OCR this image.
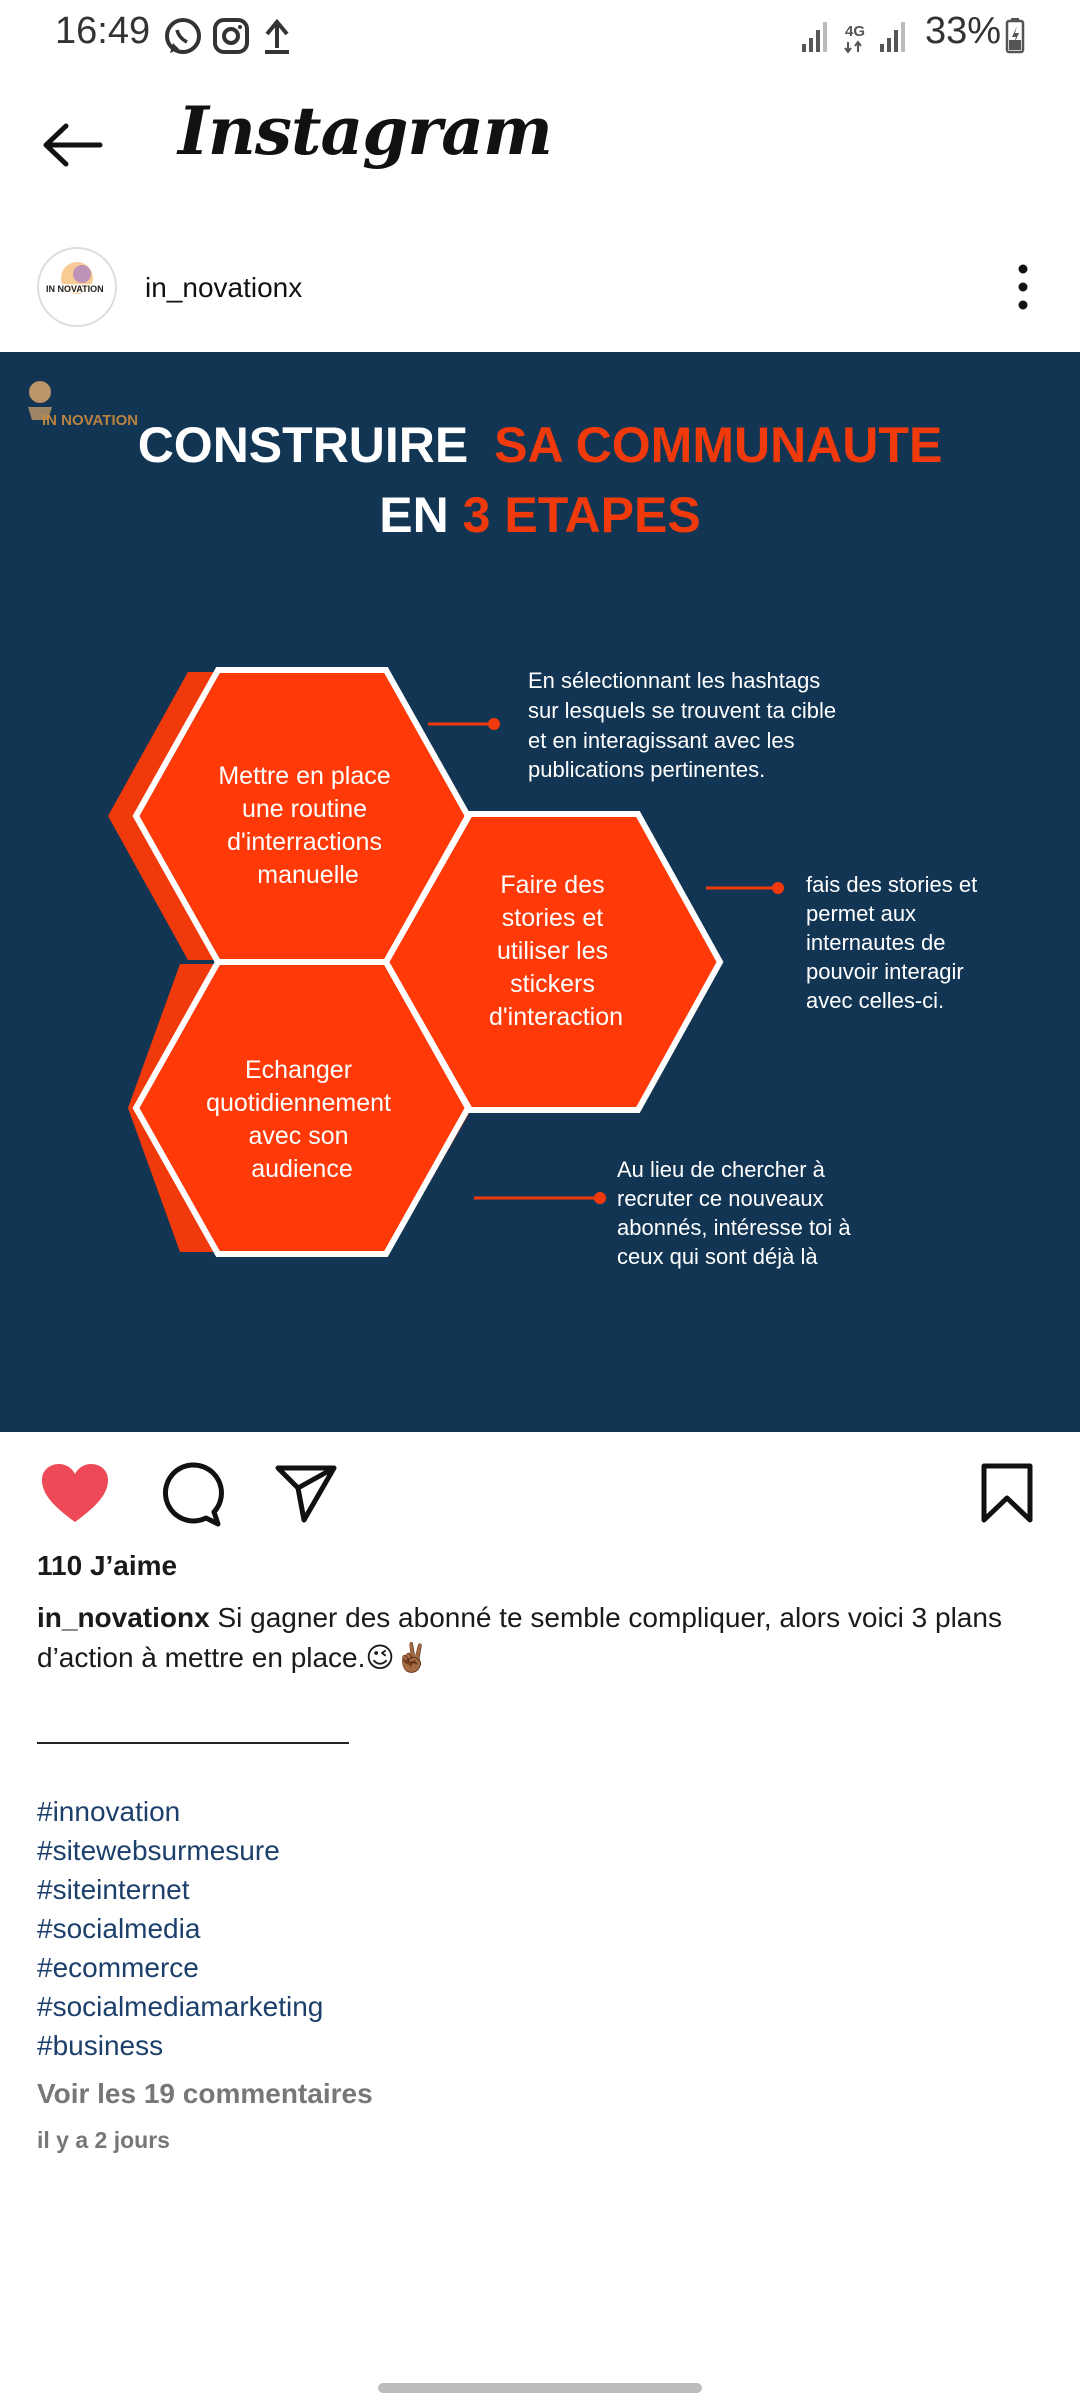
16:49	4G 33%
Instagram
IN NOVATION in_novationx
IN NOVATION CONSTRUIRE SA COMMUNAUTE
EN 3 ETAPES
Mettre en place une routine d'interractions manuelle
Echanger quotidiennement avec son audience
Faire des stories et utiliser les stickers d'interaction
En sélectionnant les hashtags sur lesquels se trouvent ta cible et en interagissant avec les publications pertinentes.
fais des stories et permet aux internautes de pouvoir interagir avec celles-ci.
Au lieu de chercher à recruter ce nouveaux abonnés, intéresse toi à ceux qui sont déjà là
110 J’aime
in_novationx Si gagner des abonné te semble compliquer, alors voici 3 plans d’action à mettre en place.😉✌🏾
#innovation
#sitewebsurmesure
#siteinternet
#socialmedia
#ecommerce
#socialmediamarketing
#business
Voir les 19 commentaires
il y a 2 jours
